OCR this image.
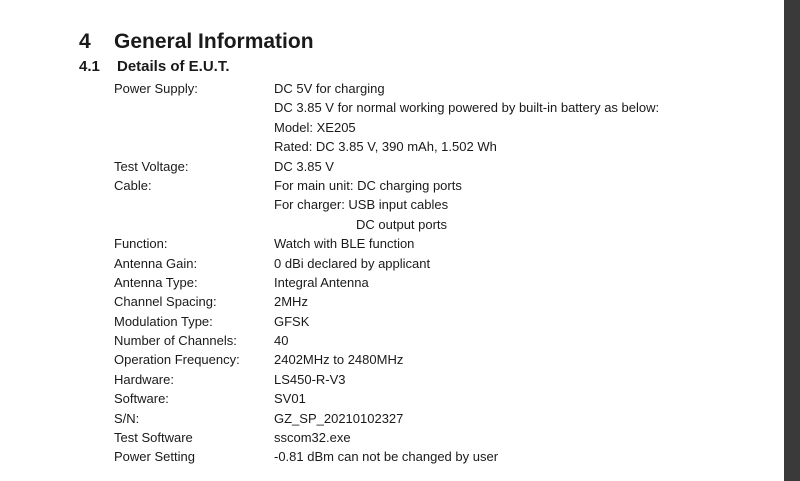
4 General Information
4.1 Details of E.U.T.
Power Supply:	DC 5V for charging
DC 3.85 V for normal working powered by built-in battery as below:
Model: XE205
Rated: DC 3.85 V, 390 mAh, 1.502 Wh
Test Voltage:	DC 3.85 V
Cable:	For main unit: DC charging ports
For charger: USB input cables
DC output ports
Function:	Watch with BLE function
Antenna Gain:	0 dBi declared by applicant
Antenna Type:	Integral Antenna
Channel Spacing:	2MHz
Modulation Type:	GFSK
Number of Channels:	40
Operation Frequency:	2402MHz to 2480MHz
Hardware:	LS450-R-V3
Software:	SV01
S/N:	GZ_SP_20210102327
Test Software	sscom32.exe
Power Setting	-0.81 dBm can not be changed by user
